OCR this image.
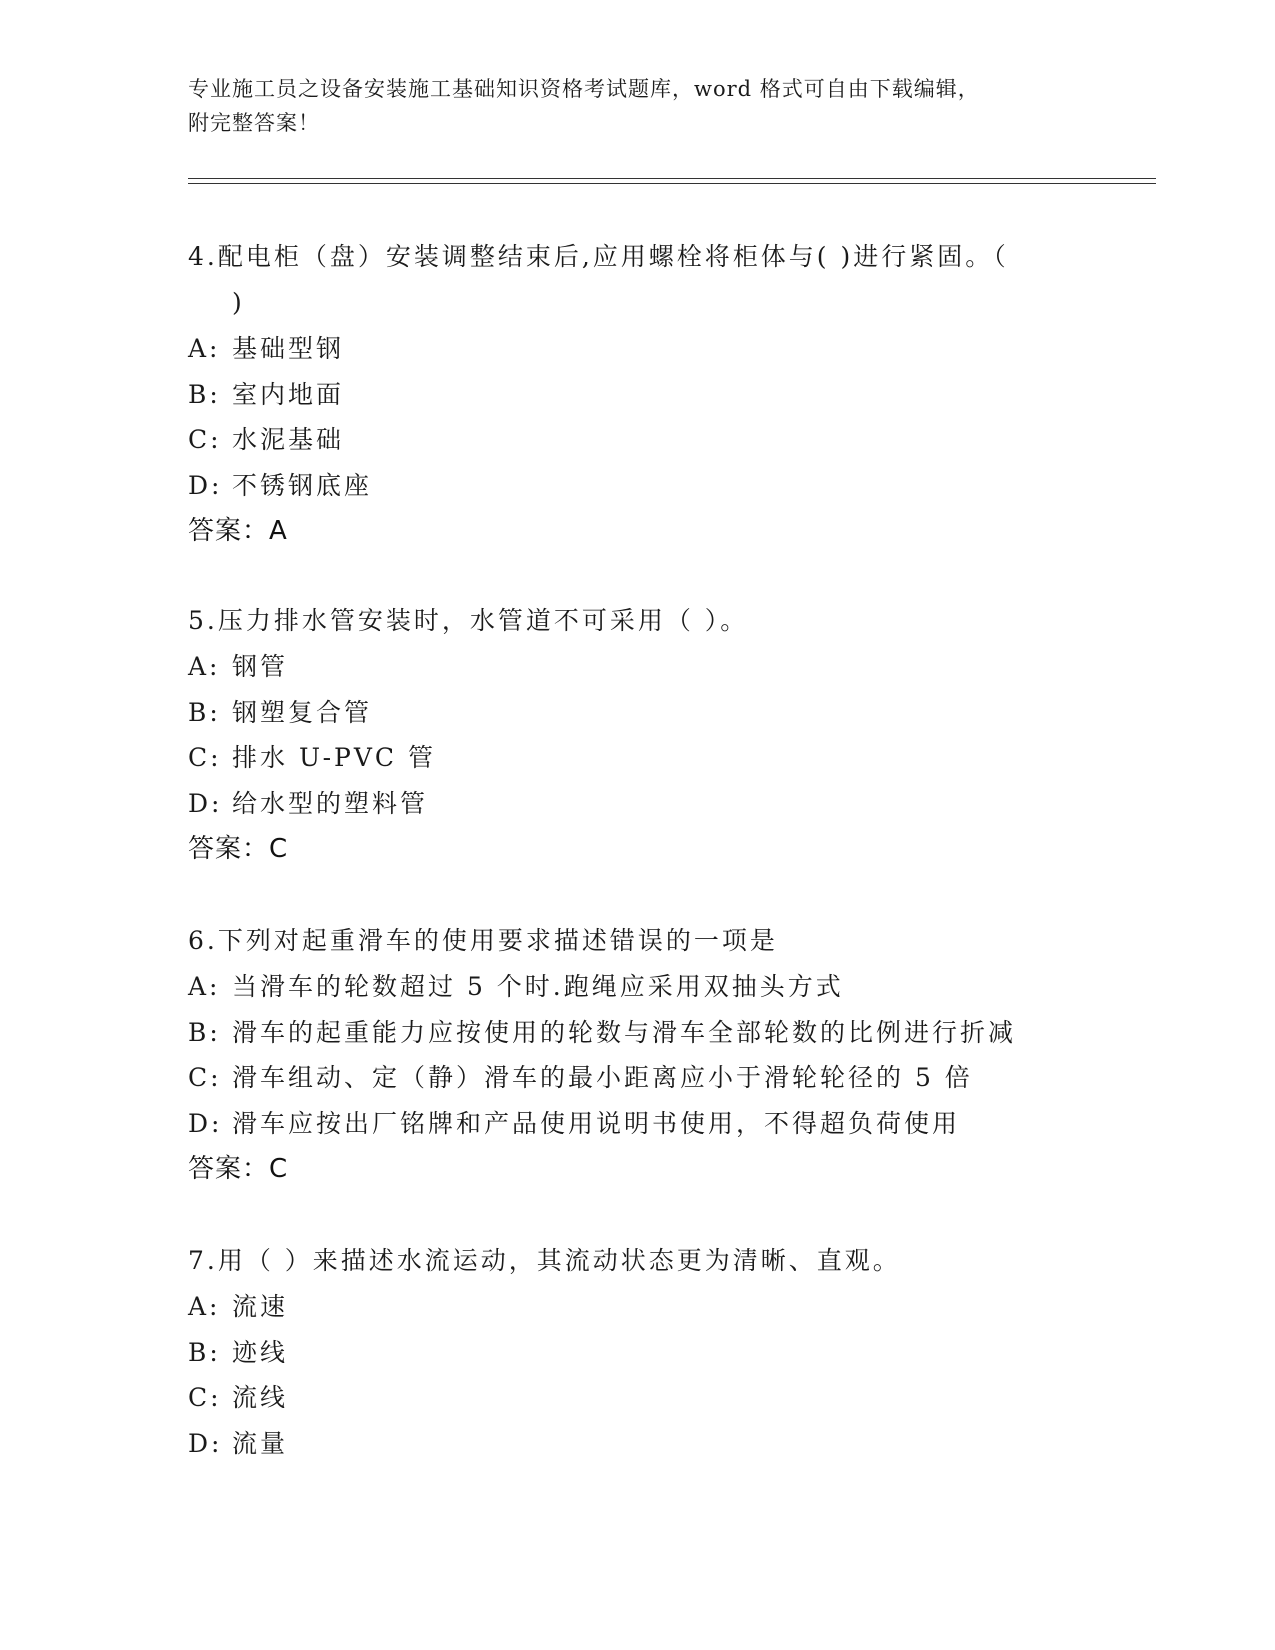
专业施工员之设备安装施工基础知识资格考试题库，word 格式可自由下载编辑，
附完整答案！

4.配电柜（盘）安装调整结束后,应用螺栓将柜体与( )进行紧固。（
)

A: 基础型钢
B: 室内地面
C: 水泥基础
D: 不锈钢底座
答案：A

5.压力排水管安装时，水管道不可采用（ ）。

A: 钢管
B: 钢塑复合管
C: 排水 U-PVC 管
D: 给水型的塑料管
答案：C

6.下列对起重滑车的使用要求描述错误的一项是

A: 当滑车的轮数超过 5 个时.跑绳应采用双抽头方式
B: 滑车的起重能力应按使用的轮数与滑车全部轮数的比例进行折减
C: 滑车组动、定（静）滑车的最小距离应小于滑轮轮径的 5 倍
D: 滑车应按出厂铭牌和产品使用说明书使用，不得超负荷使用
答案：C

7.用（ ）来描述水流运动，其流动状态更为清晰、直观。

A: 流速
B: 迹线
C: 流线
D: 流量
